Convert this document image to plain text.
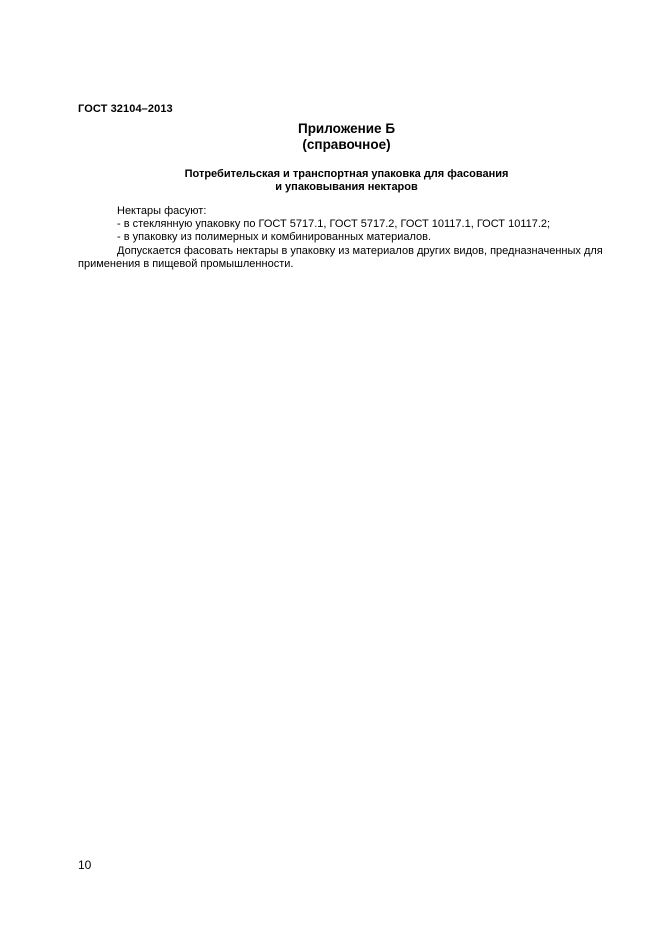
ГОСТ 32104–2013
Приложение Б
(справочное)
Потребительская и транспортная упаковка для фасования
и упаковывания нектаров

Нектары фасуют:

- в стеклянную упаковку по ГОСТ 5717.1, ГОСТ 5717.2, ГОСТ 10117.1, ГОСТ 10117.2;

- в упаковку из полимерных и комбинированных материалов.

Допускается фасовать нектары в упаковку из материалов других видов, предназначенных для применения в пищевой промышленности.

10
